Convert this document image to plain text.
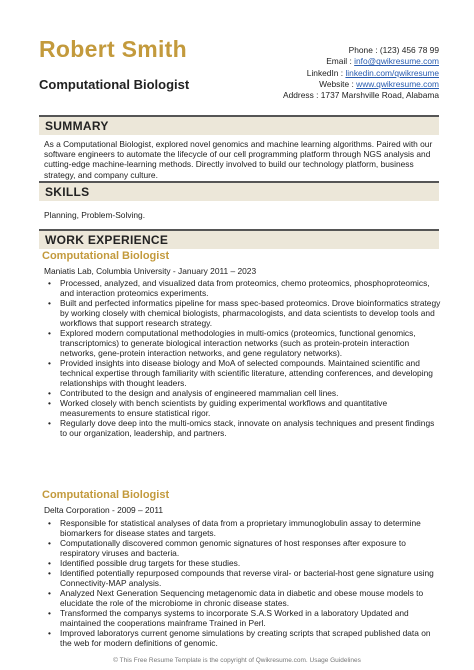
Robert Smith
Computational Biologist
Phone : (123) 456 78 99
Email : info@qwikresume.com
LinkedIn : linkedin.com/qwikresume
Website : www.qwikresume.com
Address : 1737 Marshville Road, Alabama
SUMMARY
As a Computational Biologist, explored novel genomics and machine learning algorithms. Paired with our software engineers to automate the lifecycle of our cell programming platform through NGS analysis and cutting-edge machine-learning methods. Directly involved to build our technology platform, business strategy, and company culture.
SKILLS
Planning, Problem-Solving.
WORK EXPERIENCE
Computational Biologist
Maniatis Lab, Columbia University - January 2011 – 2023
• Processed, analyzed, and visualized data from proteomics, chemo proteomics, phosphoproteomics, and interaction proteomics experiments.
• Built and perfected informatics pipeline for mass spec-based proteomics. Drove bioinformatics strategy by working closely with chemical biologists, pharmacologists, and data scientists to develop tools and workflows that support research strategy.
• Explored modern computational methodologies in multi-omics (proteomics, functional genomics, transcriptomics) to generate biological interaction networks (such as protein-protein interaction networks, gene-protein interaction networks, and gene regulatory networks).
• Provided insights into disease biology and MoA of selected compounds. Maintained scientific and technical expertise through familiarity with scientific literature, attending conferences, and developing relationships with thought leaders.
• Contributed to the design and analysis of engineered mammalian cell lines.
• Worked closely with bench scientists by guiding experimental workflows and quantitative measurements to ensure statistical rigor.
• Regularly dove deep into the multi-omics stack, innovate on analysis techniques and present findings to our organization, leadership, and partners.
Computational Biologist
Delta Corporation - 2009 – 2011
• Responsible for statistical analyses of data from a proprietary immunoglobulin assay to determine biomarkers for disease states and targets.
• Computationally discovered common genomic signatures of host responses after exposure to respiratory viruses and bacteria.
• Identified possible drug targets for these studies.
• Identified potentially repurposed compounds that reverse viral- or bacterial-host gene signature using Connectivity-MAP analysis.
• Analyzed Next Generation Sequencing metagenomic data in diabetic and obese mouse models to elucidate the role of the microbiome in chronic disease states.
• Transformed the companys systems to incorporate S.A.S Worked in a laboratory Updated and maintained the cooperations mainframe Trained in Perl.
• Improved laboratorys current genome simulations by creating scripts that scraped published data on the web for modern definitions of genomic.
© This Free Resume Template is the copyright of Qwikresume.com. Usage Guidelines
